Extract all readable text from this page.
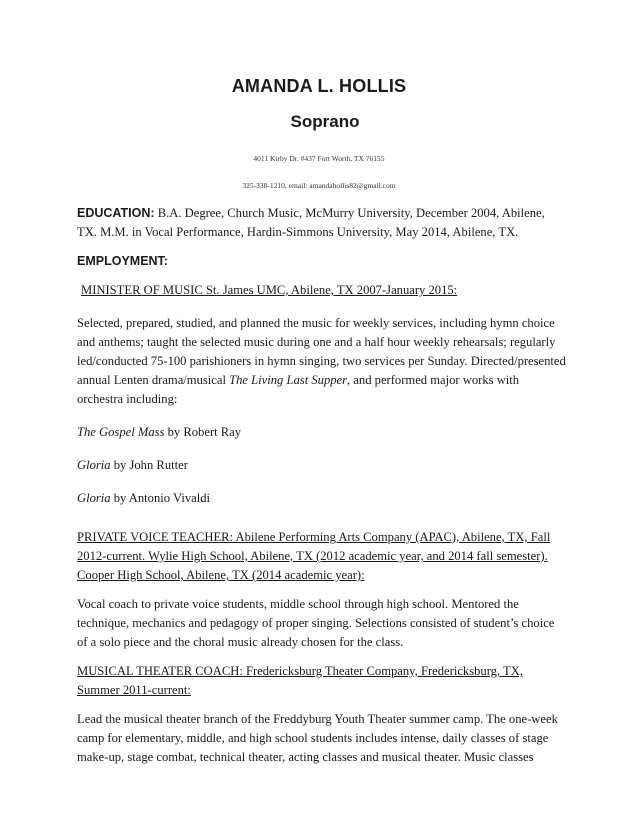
AMANDA L. HOLLIS
Soprano
4011 Kirby Dr. #437 Fort Worth, TX 76155
325-338-1210, email: amandahollis82@gmail.com

EDUCATION: B.A. Degree, Church Music, McMurry University, December 2004, Abilene, TX. M.M. in Vocal Performance, Hardin-Simmons University, May 2014, Abilene, TX.

EMPLOYMENT:

MINISTER OF MUSIC St. James UMC, Abilene, TX 2007-January 2015:

Selected, prepared, studied, and planned the music for weekly services, including hymn choice and anthems; taught the selected music during one and a half hour weekly rehearsals; regularly led/conducted 75-100 parishioners in hymn singing, two services per Sunday. Directed/presented annual Lenten drama/musical The Living Last Supper, and performed major works with orchestra including:

The Gospel Mass by Robert Ray

Gloria by John Rutter

Gloria by Antonio Vivaldi

PRIVATE VOICE TEACHER: Abilene Performing Arts Company (APAC), Abilene, TX, Fall 2012-current. Wylie High School, Abilene, TX (2012 academic year, and 2014 fall semester). Cooper High School, Abilene, TX (2014 academic year):

Vocal coach to private voice students, middle school through high school. Mentored the technique, mechanics and pedagogy of proper singing. Selections consisted of student’s choice of a solo piece and the choral music already chosen for the class.

MUSICAL THEATER COACH: Fredericksburg Theater Company, Fredericksburg, TX, Summer 2011-current:

Lead the musical theater branch of the Freddyburg Youth Theater summer camp. The one-week camp for elementary, middle, and high school students includes intense, daily classes of stage make-up, stage combat, technical theater, acting classes and musical theater. Music classes
